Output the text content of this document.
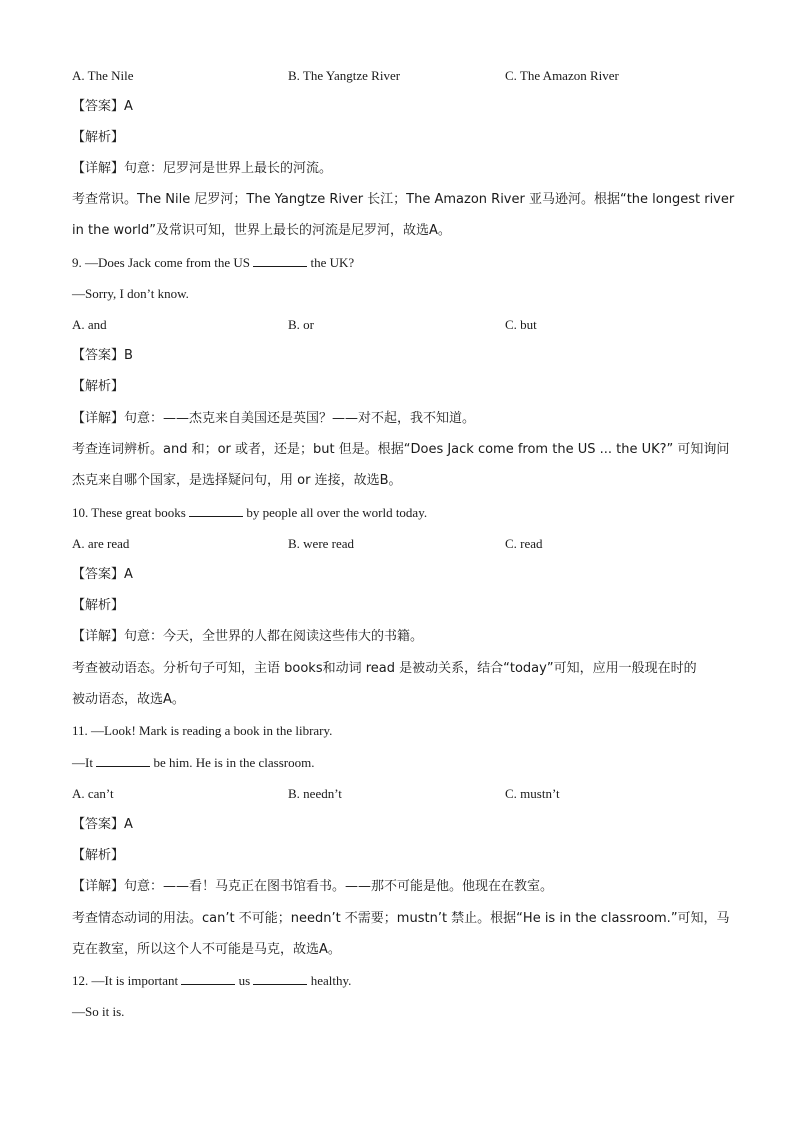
A. The Nile	B. The Yangtze River	C. The Amazon River
【答案】A
【解析】
【详解】句意：尼罗河是世界上最长的河流。
考查常识。The Nile 尼罗河；The Yangtze River 长江；The Amazon River 亚马逊河。根据“the longest river
in the world”及常识可知，世界上最长的河流是尼罗河，故选A。
9. —Does Jack come from the US	the UK?
—Sorry, I don’t know.
A. and	B. or	C. but
【答案】B
【解析】
【详解】句意：——杰克来自美国还是英国？——对不起，我不知道。
考查连词辨析。and 和；or 或者，还是；but 但是。根据“Does Jack come from the US ... the UK?” 可知询问
杰克来自哪个国家，是选择疑问句，用 or 连接，故选B。
10. These great books	by people all over the world today.
A. are read	B. were read	C. read
【答案】A
【解析】
【详解】句意：今天，全世界的人都在阅读这些伟大的书籍。
考查被动语态。分析句子可知，主语 books和动词 read 是被动关系，结合“today”可知，应用一般现在时的
被动语态，故选A。
11. —Look! Mark is reading a book in the library.
—It	be him. He is in the classroom.
A. can’t	B. needn’t	C. mustn’t
【答案】A
【解析】
【详解】句意：——看！马克正在图书馆看书。——那不可能是他。他现在在教室。
考查情态动词的用法。can’t 不可能；needn’t 不需要；mustn’t 禁止。根据“He is in the classroom.”可知，马
克在教室，所以这个人不可能是马克，故选A。
12. —It is important	us	healthy.
—So it is.
